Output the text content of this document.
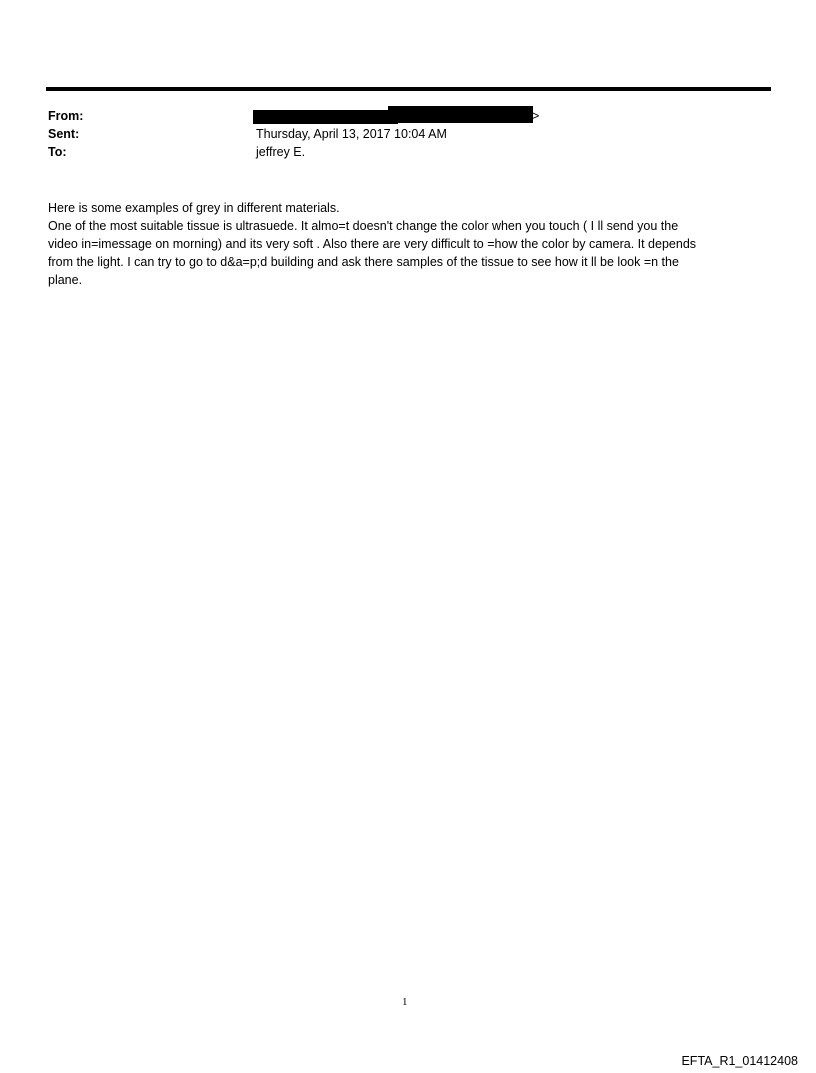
From:	>
Sent:	Thursday, April 13, 2017 10:04 AM
To:	jeffrey E.

Here is some examples of grey in different materials.

One of the most suitable tissue is ultrasuede. It almo=t doesn't change the color when you touch ( I ll send you the

video in=imessage on morning) and its very soft . Also there are very difficult to =how the color by camera. It depends

from the light. I can try to go to d&a=p;d building and ask there samples of the tissue to see how it ll be look =n the

plane.

1
EFTA_R1_01412408
